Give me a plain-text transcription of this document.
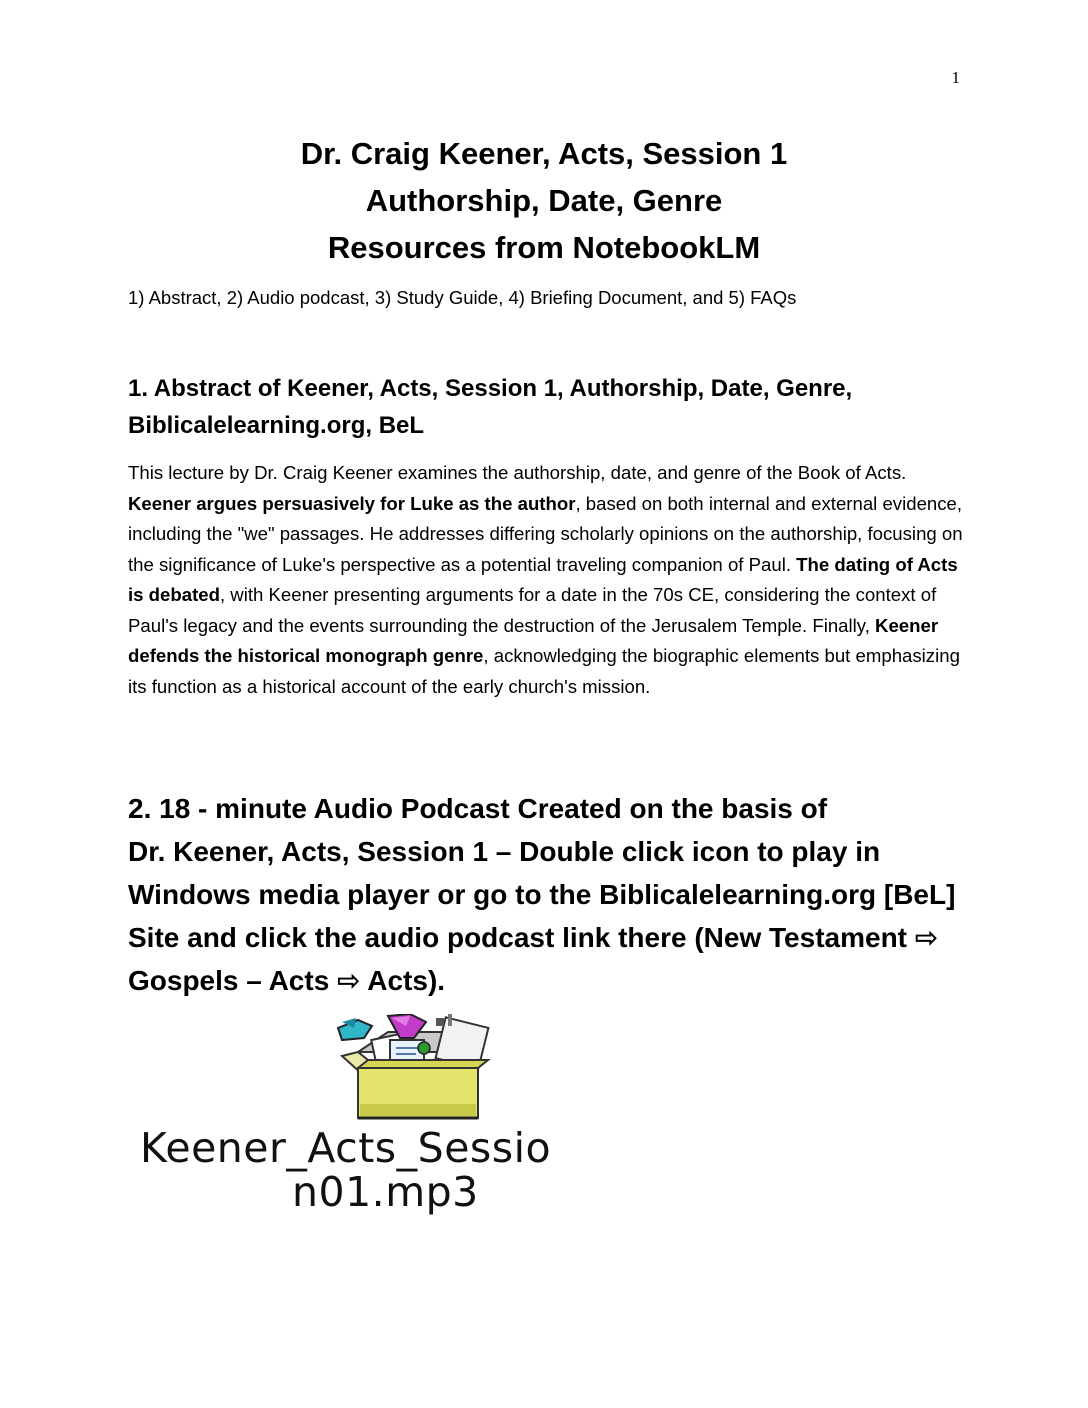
1
Dr. Craig Keener, Acts, Session 1
Authorship, Date, Genre
Resources from NotebookLM
1) Abstract, 2) Audio podcast, 3) Study Guide, 4) Briefing Document, and 5) FAQs
1. Abstract of Keener, Acts, Session 1, Authorship, Date, Genre,
Biblicalelearning.org, BeL
This lecture by Dr. Craig Keener examines the authorship, date, and genre of the Book of Acts. Keener argues persuasively for Luke as the author, based on both internal and external evidence, including the "we" passages. He addresses differing scholarly opinions on the authorship, focusing on the significance of Luke's perspective as a potential traveling companion of Paul. The dating of Acts is debated, with Keener presenting arguments for a date in the 70s CE, considering the context of Paul's legacy and the events surrounding the destruction of the Jerusalem Temple. Finally, Keener defends the historical monograph genre, acknowledging the biographic elements but emphasizing its function as a historical account of the early church's mission.
2. 18 - minute Audio Podcast Created on the basis of
Dr. Keener, Acts, Session 1 – Double click icon to play in
Windows media player or go to the Biblicalelearning.org [BeL]
Site and click the audio podcast link there (New Testament ⇨
Gospels – Acts ⇨ Acts).
Keener_Acts_Sessio
n01.mp3
